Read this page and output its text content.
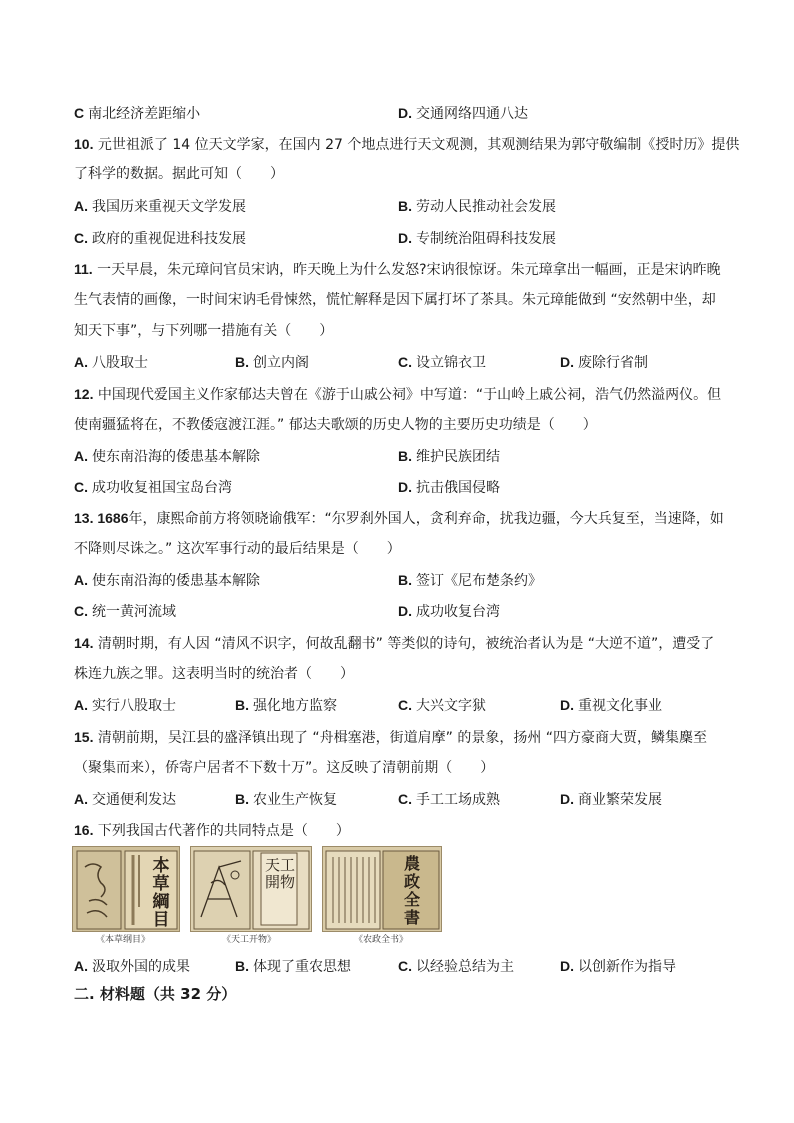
C 南北经济差距缩小	D. 交通网络四通八达
10. 元世祖派了 14 位天文学家，在国内 27 个地点进行天文观测，其观测结果为郭守敬编制《授时历》提供
了科学的数据。据此可知（　　）
A. 我国历来重视天文学发展	B. 劳动人民推动社会发展
C. 政府的重视促进科技发展	D. 专制统治阻碍科技发展
11. 一天早晨，朱元璋问官员宋讷，昨天晚上为什么发怒?宋讷很惊讶。朱元璋拿出一幅画，正是宋讷昨晚
生气表情的画像，一时间宋讷毛骨悚然，慌忙解释是因下属打坏了茶具。朱元璋能做到 “安然朝中坐，却
知天下事”，与下列哪一措施有关（　　）
A. 八股取士	B. 创立内阁	C. 设立锦衣卫	D. 废除行省制
12. 中国现代爱国主义作家郁达夫曾在《游于山戚公祠》中写道：“于山岭上戚公祠，浩气仍然溢两仪。但
使南疆猛将在，不教倭寇渡江涯。” 郁达夫歌颂的历史人物的主要历史功绩是（　　）
A. 使东南沿海的倭患基本解除	B. 维护民族团结
C. 成功收复祖国宝岛台湾	D. 抗击俄国侵略
13. 1686年，康熙命前方将领晓谕俄军：“尔罗刹外国人，贪利弃命，扰我边疆，今大兵复至，当速降，如
不降则尽诛之。” 这次军事行动的最后结果是（　　）
A. 使东南沿海的倭患基本解除	B. 签订《尼布楚条约》
C. 统一黄河流域	D. 成功收复台湾
14. 清朝时期，有人因 “清风不识字，何故乱翻书” 等类似的诗句，被统治者认为是 “大逆不道”，遭受了
株连九族之罪。这表明当时的统治者（　　）
A. 实行八股取士	B. 强化地方监察	C. 大兴文字狱	D. 重视文化事业
15. 清朝前期，吴江县的盛泽镇出现了 “舟楫塞港，街道肩摩” 的景象，扬州 “四方豪商大贾，鳞集麇至
（聚集而来），侨寄户居者不下数十万”。这反映了清朝前期（　　）
A. 交通便利发达	B. 农业生产恢复	C. 手工工场成熟	D. 商业繁荣发展
16. 下列我国古代著作的共同特点是（　　）
本草綱目
天工開物
農政全書
《本草纲目》	《天工开物》	《农政全书》
A. 汲取外国的成果	B. 体现了重农思想	C. 以经验总结为主	D. 以创新作为指导
二. 材料题（共 32 分）
